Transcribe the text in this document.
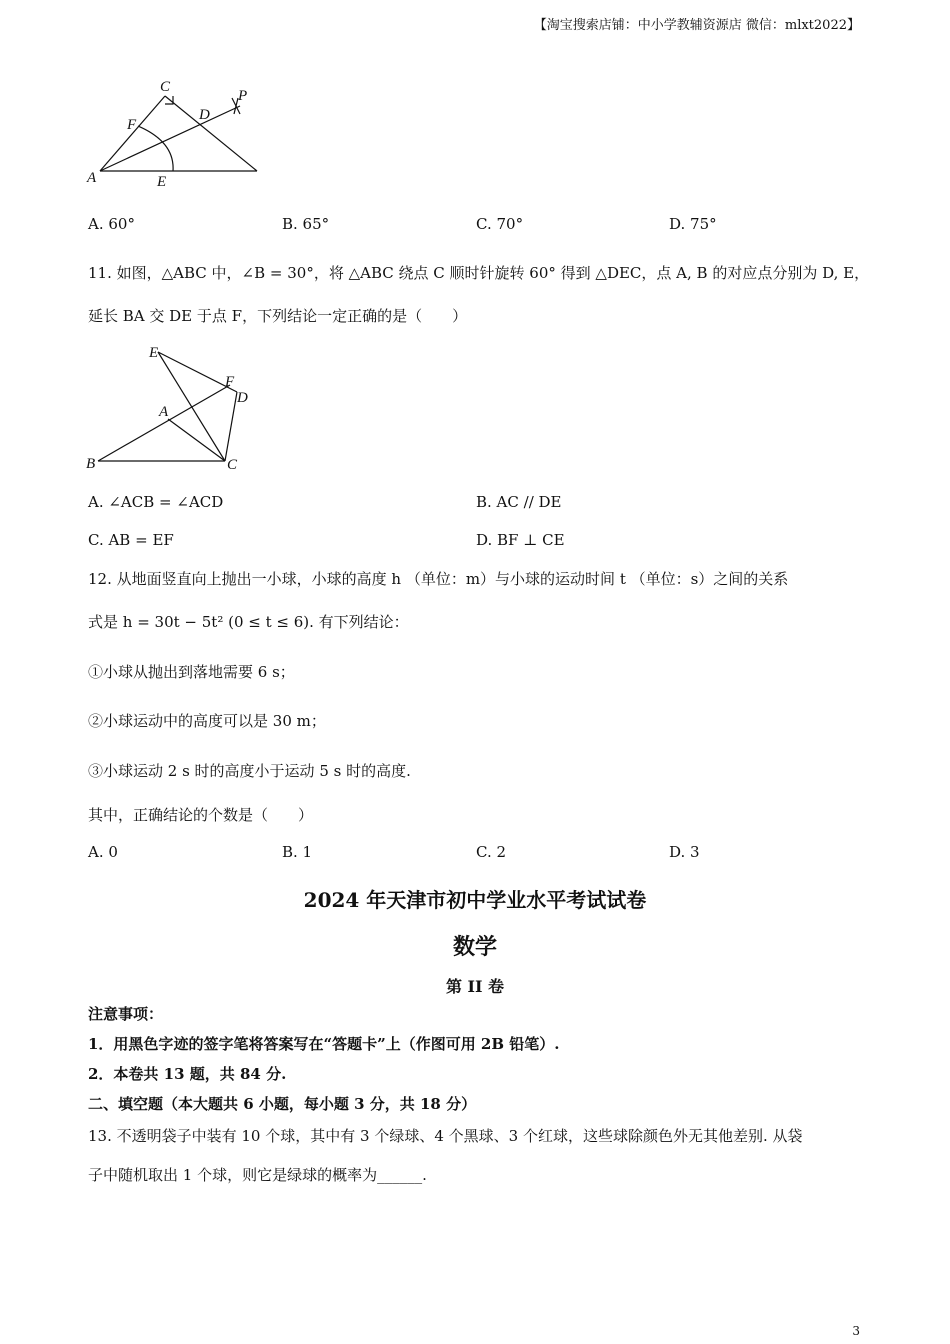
【淘宝搜索店铺：中小学教辅资源店 微信：mlxt2022】
C
P
F
D
A	E
A. 60°	B. 65°	C. 70°	D. 75°
11. 如图，△ABC 中，∠B = 30°，将 △ABC 绕点 C 顺时针旋转 60° 得到 △DEC，点 A, B 的对应点分别为 D, E，
延长 BA 交 DE 于点 F，下列结论一定正确的是（　　）
E
F
D
A
B	C
A. ∠ACB = ∠ACD	B. AC // DE
C. AB = EF	D. BF ⊥ CE
12. 从地面竖直向上抛出一小球，小球的高度 h （单位：m）与小球的运动时间 t （单位：s）之间的关系
式是 h = 30t − 5t² (0 ≤ t ≤ 6). 有下列结论：
①小球从抛出到落地需要 6 s；
②小球运动中的高度可以是 30 m；
③小球运动 2 s 时的高度小于运动 5 s 时的高度.
其中，正确结论的个数是（　　）
A. 0	B. 1	C. 2	D. 3
2024 年天津市初中学业水平考试试卷
数学
第 II 卷
注意事项：
1．用黑色字迹的签字笔将答案写在“答题卡”上（作图可用 2B 铅笔）.
2．本卷共 13 题，共 84 分.
二、填空题（本大题共 6 小题，每小题 3 分，共 18 分）
13. 不透明袋子中装有 10 个球，其中有 3 个绿球、4 个黑球、3 个红球，这些球除颜色外无其他差别. 从袋
子中随机取出 1 个球，则它是绿球的概率为______.
3
